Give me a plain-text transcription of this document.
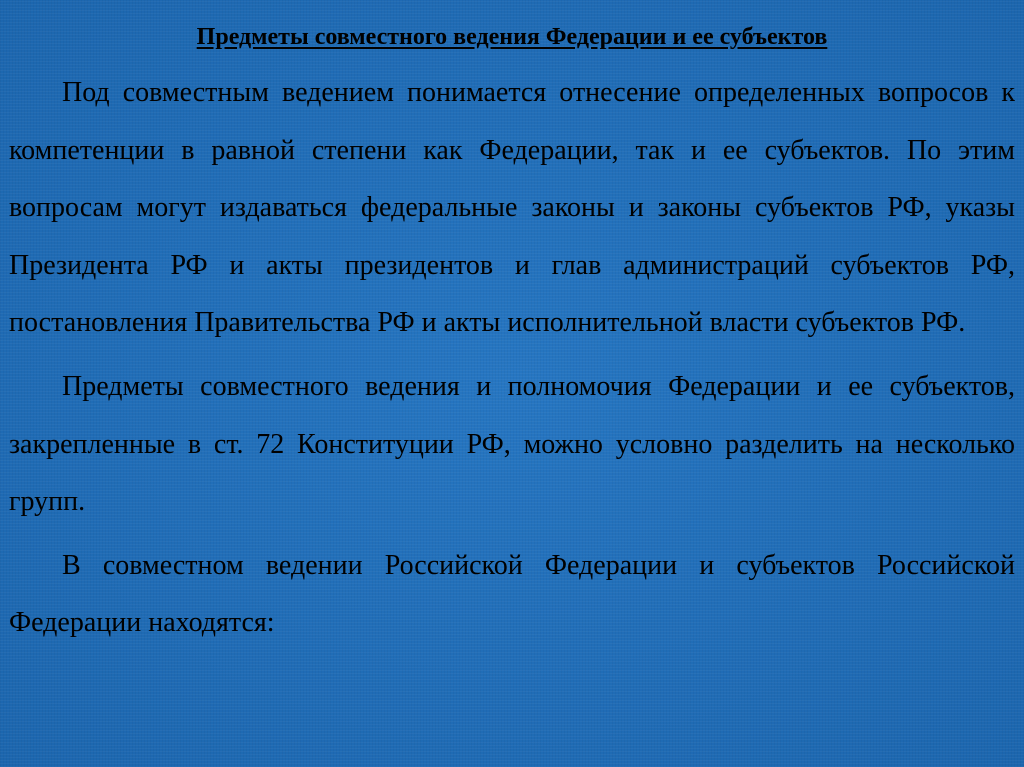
Предметы совместного ведения Федерации и ее субъектов

Под совместным ведением понимается отнесение определенных вопросов к компетенции в равной степени как Федерации, так и ее субъектов. По этим вопросам могут издаваться федеральные законы и законы субъектов РФ, указы Президента РФ и акты президентов и глав администраций субъектов РФ, постановления Правительства РФ и акты исполнительной власти субъектов РФ.

Предметы совместного ведения и полномочия Федерации и ее субъектов, закрепленные в ст. 72 Конституции РФ, можно условно разделить на несколько групп.

В совместном ведении Российской Федерации и субъектов Российской Федерации находятся:
